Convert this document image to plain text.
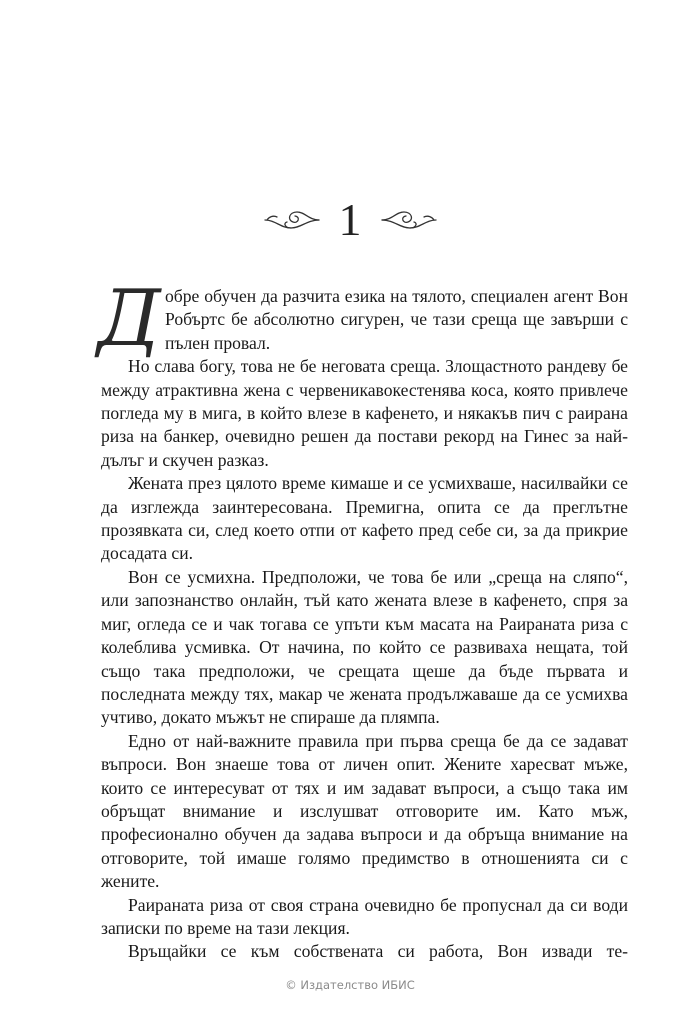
1

Д обре обучен да разчита езика на тялото, специален агент Вон Робъртс бе абсолютно сигурен, че тази среща ще завърши с пълен провал.

Но слава богу, това не бе неговата среща. Злощастното рандеву бе между атрактивна жена с червеникавокестенява коса, която привлече погледа му в мига, в който влезе в кафенето, и някакъв пич с раирана риза на банкер, очевидно решен да постави рекорд на Гинес за най-дълъг и скучен разказ.

Жената през цялото време кимаше и се усмихваше, насилвайки се да изглежда заинтересована. Премигна, опита се да преглътне прозявката си, след което отпи от кафето пред себе си, за да прикрие досадата си.

Вон се усмихна. Предположи, че това бе или „среща на сляпо“, или запознанство онлайн, тъй като жената влезе в кафенето, спря за миг, огледа се и чак тогава се упъти към масата на Раираната риза с колеблива усмивка. От начина, по който се развиваха нещата, той също така предположи, че срещата щеше да бъде първата и последната между тях, макар че жената продължаваше да се усмихва учтиво, докато мъжът не спираше да плямпа.

Едно от най-важните правила при първа среща бе да се задават въпроси. Вон знаеше това от личен опит. Жените харесват мъже, които се интересуват от тях и им задават въпроси, а също така им обръщат внимание и изслушват отговорите им. Като мъж, професионално обучен да задава въпроси и да обръща внимание на отговорите, той имаше голямо предимство в отношенията си с жените.

Раираната риза от своя страна очевидно бе пропуснал да си води записки по време на тази лекция.

Връщайки се към собствената си работа, Вон извади те-

© Издателство ИБИС
